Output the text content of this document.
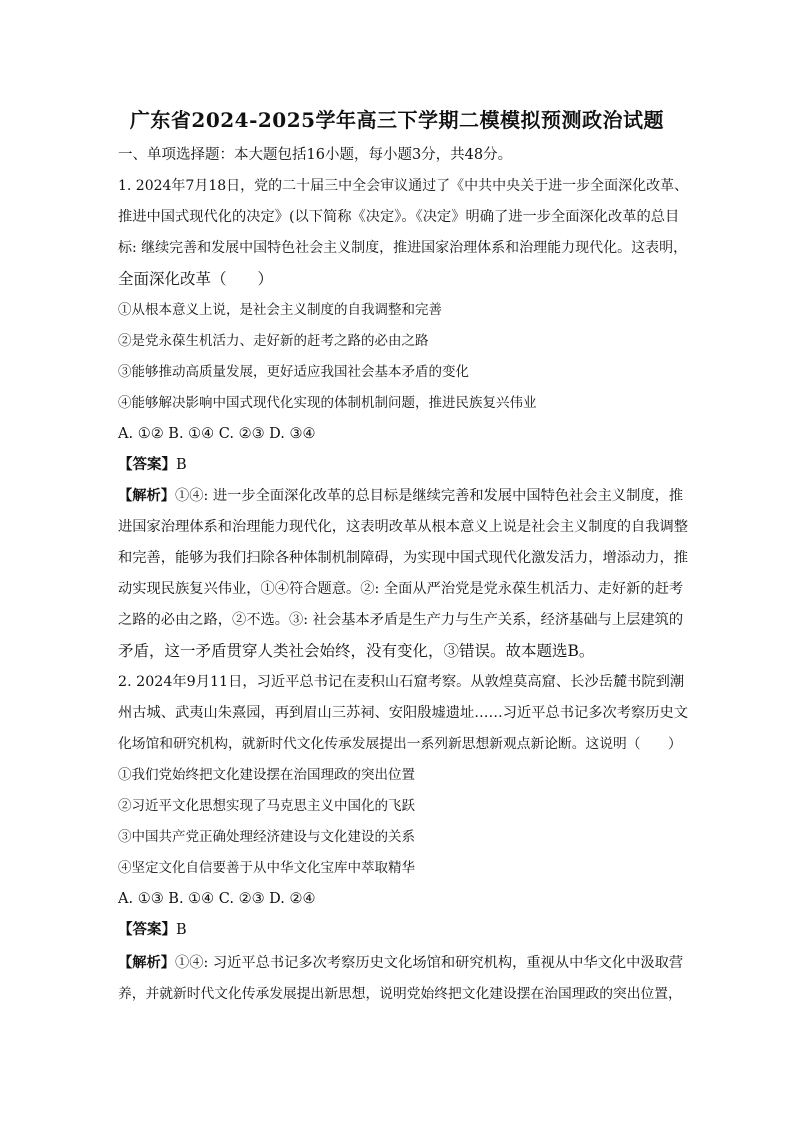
广东省2024-2025学年高三下学期二模模拟预测政治试题
一、单项选择题：本大题包括16小题，每小题3分，共48分。
1. 2024年7月18日，党的二十届三中全会审议通过了《中共中央关于进一步全面深化改革、
推进中国式现代化的决定》(以下简称《决定》。《决定》明确了进一步全面深化改革的总目
标: 继续完善和发展中国特色社会主义制度，推进国家治理体系和治理能力现代化。这表明，
全面深化改革（　　）
①从根本意义上说，是社会主义制度的自我调整和完善
②是党永葆生机活力、走好新的赶考之路的必由之路
③能够推动高质量发展，更好适应我国社会基本矛盾的变化
④能够解决影响中国式现代化实现的体制机制问题，推进民族复兴伟业
A. ①② B. ①④ C. ②③ D. ③④
【答案】B
【解析】①④: 进一步全面深化改革的总目标是继续完善和发展中国特色社会主义制度，推
进国家治理体系和治理能力现代化，这表明改革从根本意义上说是社会主义制度的自我调整
和完善，能够为我们扫除各种体制机制障碍，为实现中国式现代化激发活力，增添动力，推
动实现民族复兴伟业，①④符合题意。②: 全面从严治党是党永葆生机活力、走好新的赶考
之路的必由之路，②不选。③: 社会基本矛盾是生产力与生产关系，经济基础与上层建筑的
矛盾，这一矛盾贯穿人类社会始终，没有变化，③错误。故本题选B。
2. 2024年9月11日，习近平总书记在麦积山石窟考察。从敦煌莫高窟、长沙岳麓书院到潮
州古城、武夷山朱熹园，再到眉山三苏祠、安阳殷墟遗址……习近平总书记多次考察历史文
化场馆和研究机构，就新时代文化传承发展提出一系列新思想新观点新论断。这说明（　　）
①我们党始终把文化建设摆在治国理政的突出位置
②习近平文化思想实现了马克思主义中国化的飞跃
③中国共产党正确处理经济建设与文化建设的关系
④坚定文化自信要善于从中华文化宝库中萃取精华
A. ①③ B. ①④ C. ②③ D. ②④
【答案】B
【解析】①④: 习近平总书记多次考察历史文化场馆和研究机构，重视从中华文化中汲取营
养，并就新时代文化传承发展提出新思想，说明党始终把文化建设摆在治国理政的突出位置，
